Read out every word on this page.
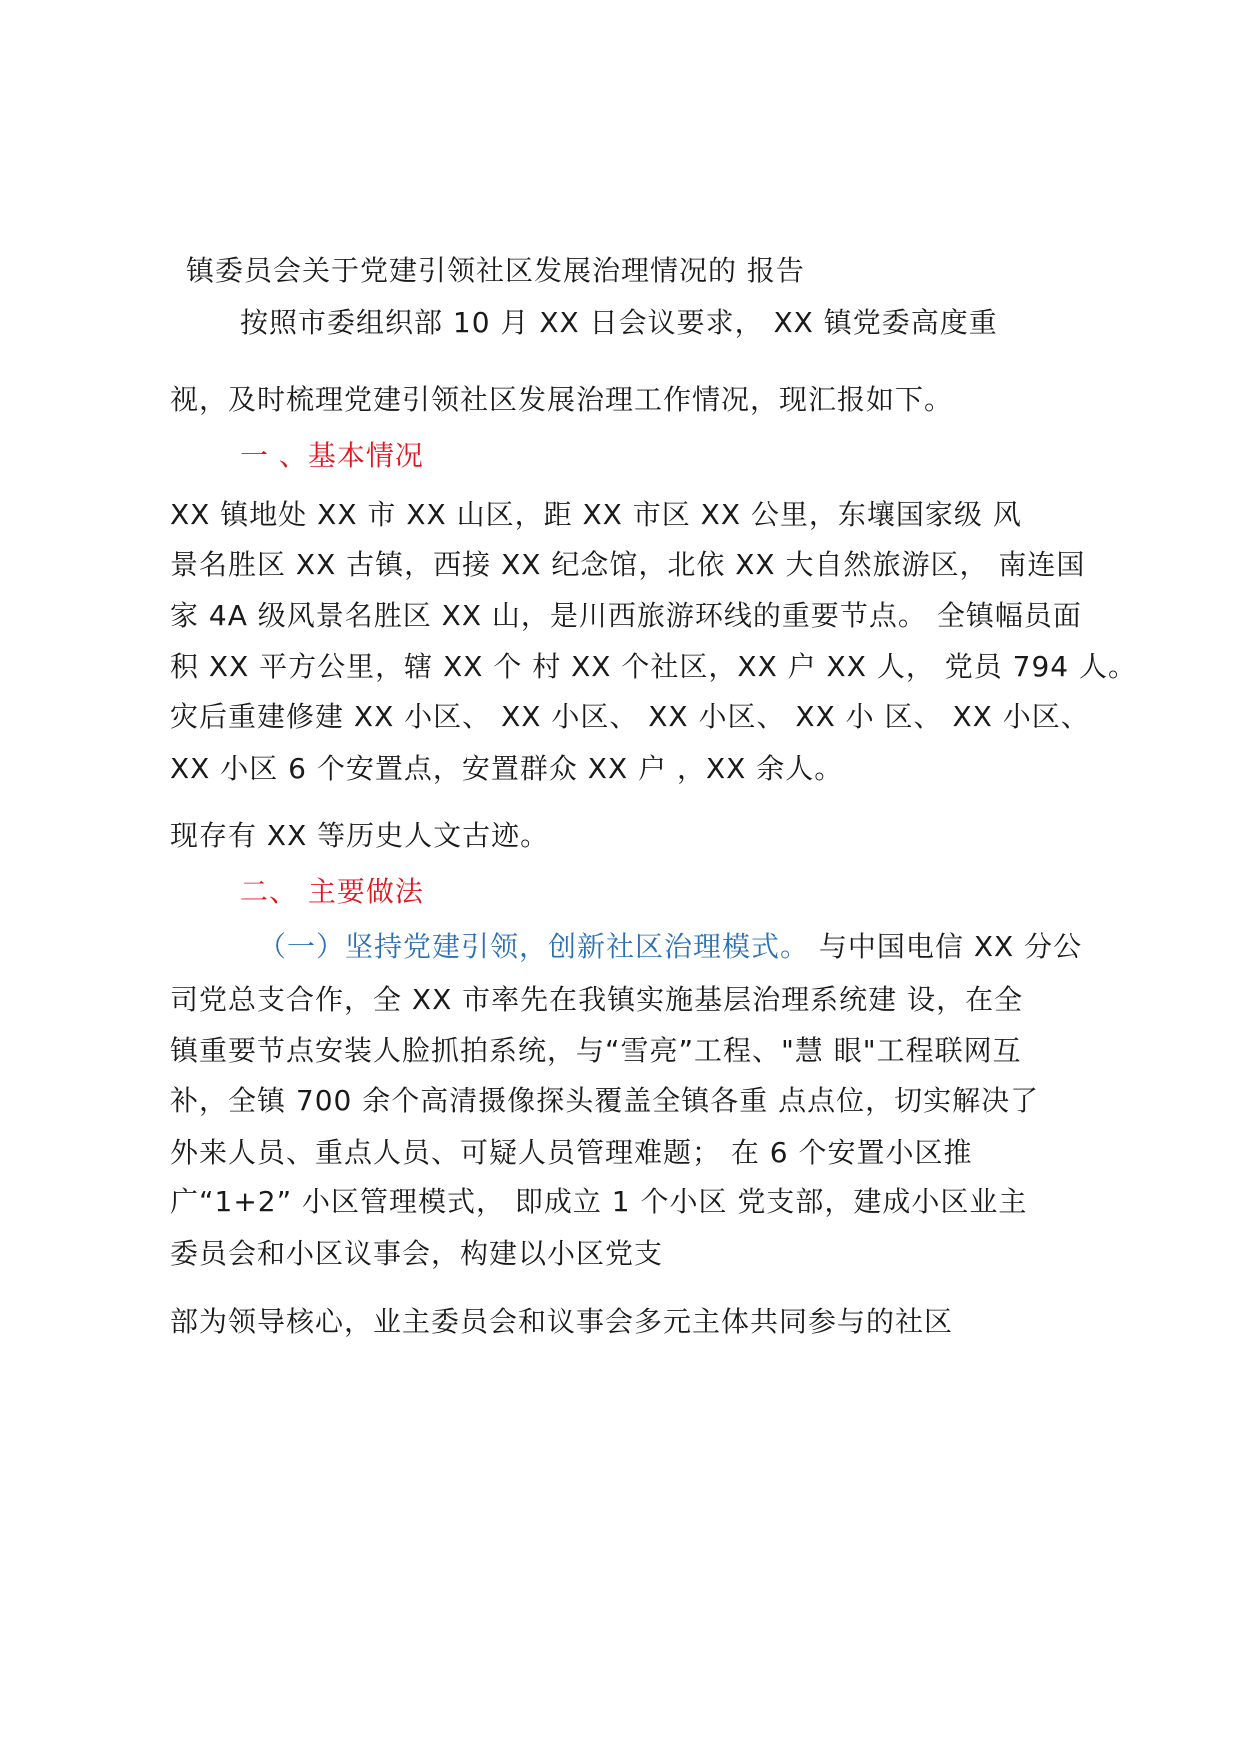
镇委员会关于党建引领社区发展治理情况的 报告

按照市委组织部 10 月 XX 日会议要求， XX 镇党委高度重

视，及时梳理党建引领社区发展治理工作情况，现汇报如下。

一 、基本情况

XX 镇地处 XX 市 XX 山区，距 XX 市区 XX 公里，东壤国家级 风

景名胜区 XX 古镇，西接 XX 纪念馆，北依 XX 大自然旅游区， 南连国

家 4A 级风景名胜区 XX 山，是川西旅游环线的重要节点。 全镇幅员面

积 XX 平方公里，辖 XX 个 村 XX 个社区，XX 户 XX 人， 党员 794 人。

灾后重建修建 XX 小区、 XX 小区、 XX 小区、 XX 小 区、 XX 小区、

XX 小区 6 个安置点，安置群众 XX 户 ，XX 余人。

现存有 XX 等历史人文古迹。

二、 主要做法

（一）坚持党建引领，创新社区治理模式。 与中国电信 XX 分公

司党总支合作，全 XX 市率先在我镇实施基层治理系统建 设，在全

镇重要节点安装人脸抓拍系统，与“雪亮”工程、"慧 眼"工程联网互

补，全镇 700 余个高清摄像探头覆盖全镇各重 点点位，切实解决了

外来人员、重点人员、可疑人员管理难题； 在 6 个安置小区推

广“1+2” 小区管理模式， 即成立 1 个小区 党支部，建成小区业主

委员会和小区议事会，构建以小区党支

部为领导核心，业主委员会和议事会多元主体共同参与的社区
